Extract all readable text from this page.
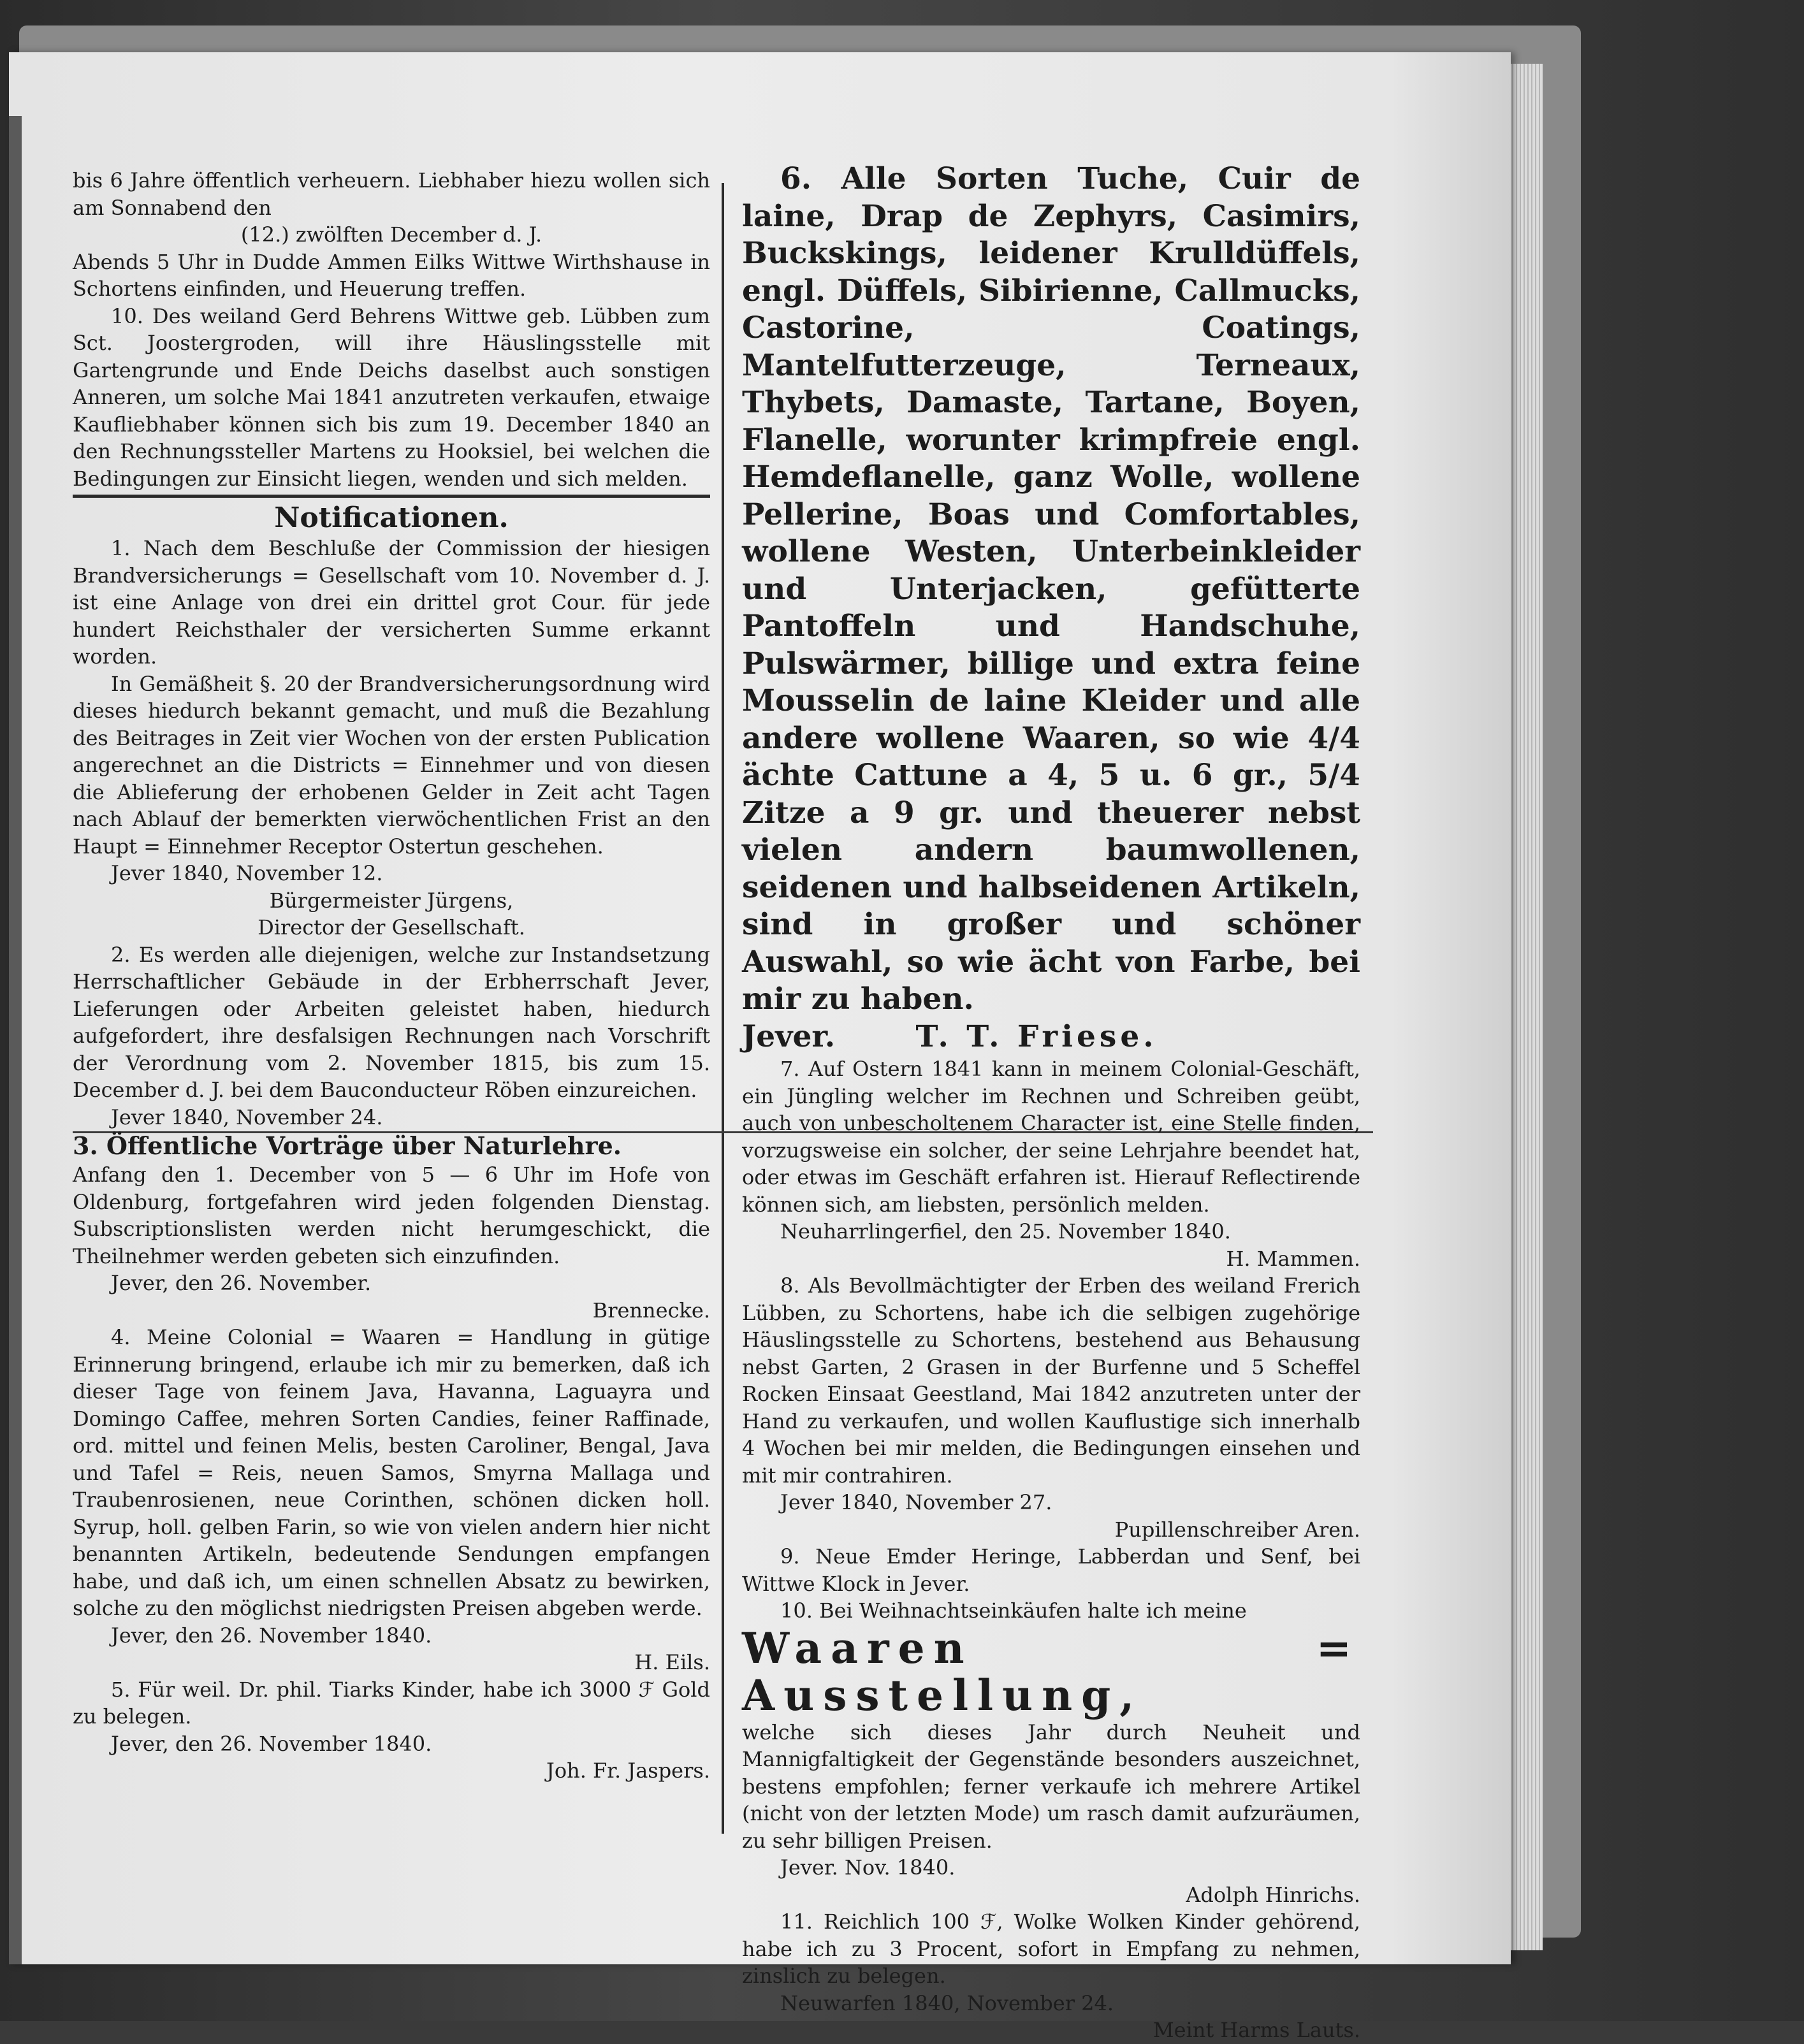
bis 6 Jahre öffentlich verheuern. Liebhaber hiezu wollen sich am Sonnabend den

(12.) zwölften December d. J.

Abends 5 Uhr in Dudde Ammen Eilks Wittwe Wirthshause in Schortens einfinden, und Heuerung treffen.

10. Des weiland Gerd Behrens Wittwe geb. Lübben zum Sct. Joostergroden, will ihre Häuslingsstelle mit Gartengrunde und Ende Deichs daselbst auch sonstigen Anneren, um solche Mai 1841 anzutreten verkaufen, etwaige Kaufliebhaber können sich bis zum 19. December 1840 an den Rechnungssteller Martens zu Hooksiel, bei welchen die Bedingungen zur Einsicht liegen, wenden und sich melden.

Notificationen.

1. Nach dem Beschluße der Commission der hiesigen Brandversicherungs = Gesellschaft vom 10. November d. J. ist eine Anlage von drei ein drittel grot Cour. für jede hundert Reichsthaler der versicherten Summe erkannt worden.

In Gemäßheit §. 20 der Brandversicherungsordnung wird dieses hiedurch bekannt gemacht, und muß die Bezahlung des Beitrages in Zeit vier Wochen von der ersten Publication angerechnet an die Districts = Einnehmer und von diesen die Ablieferung der erhobenen Gelder in Zeit acht Tagen nach Ablauf der bemerkten vierwöchentlichen Frist an den Haupt = Einnehmer Receptor Ostertun geschehen.

Jever 1840, November 12.

Bürgermeister Jürgens,

Director der Gesellschaft.

2. Es werden alle diejenigen, welche zur Instandsetzung Herrschaftlicher Gebäude in der Erbherrschaft Jever, Lieferungen oder Arbeiten geleistet haben, hiedurch aufgefordert, ihre desfalsigen Rechnungen nach Vorschrift der Verordnung vom 2. November 1815, bis zum 15. December d. J. bei dem Bauconducteur Röben einzureichen.

Jever 1840, November 24.

3. Öffentliche Vorträge über Naturlehre.

Anfang den 1. December von 5 — 6 Uhr im Hofe von Oldenburg, fortgefahren wird jeden folgenden Dienstag. Subscriptionslisten werden nicht herumgeschickt, die Theilnehmer werden gebeten sich einzufinden.

Jever, den 26. November.

Brennecke.

4. Meine Colonial = Waaren = Handlung in gütige Erinnerung bringend, erlaube ich mir zu bemerken, daß ich dieser Tage von feinem Java, Havanna, Laguayra und Domingo Caffee, mehren Sorten Candies, feiner Raffinade, ord. mittel und feinen Melis, besten Caroliner, Bengal, Java und Tafel = Reis, neuen Samos, Smyrna Mallaga und Traubenrosienen, neue Corinthen, schönen dicken holl. Syrup, holl. gelben Farin, so wie von vielen andern hier nicht benannten Artikeln, bedeutende Sendungen empfangen habe, und daß ich, um einen schnellen Absatz zu bewirken, solche zu den möglichst niedrigsten Preisen abgeben werde.

Jever, den 26. November 1840.

H. Eils.

5. Für weil. Dr. phil. Tiarks Kinder, habe ich 3000 ℱ Gold zu belegen.

Jever, den 26. November 1840.

Joh. Fr. Jaspers.

6. Alle Sorten Tuche, Cuir de laine, Drap de Zephyrs, Casimirs, Buckskings, leidener Krulldüffels, engl. Düffels, Sibirienne, Callmucks, Castorine, Coatings, Mantelfutterzeuge, Terneaux, Thybets, Damaste, Tartane, Boyen, Flanelle, worunter krimpfreie engl. Hemdeflanelle, ganz Wolle, wollene Pellerine, Boas und Comfortables, wollene Westen, Unterbeinkleider und Unterjacken, gefütterte Pantoffeln und Handschuhe, Pulswärmer, billige und extra feine Mousselin de laine Kleider und alle andere wollene Waaren, so wie 4/4 ächte Cattune a 4, 5 u. 6 gr., 5/4 Zitze a 9 gr. und theuerer nebst vielen andern baumwollenen, seidenen und halbseidenen Artikeln, sind in großer und schöner Auswahl, so wie ächt von Farbe, bei mir zu haben.

Jever.	T. T. Friese.

7. Auf Ostern 1841 kann in meinem Colonial-Geschäft, ein Jüngling welcher im Rechnen und Schreiben geübt, auch von unbescholtenem Character ist, eine Stelle finden, vorzugsweise ein solcher, der seine Lehrjahre beendet hat, oder etwas im Geschäft erfahren ist. Hierauf Reflectirende können sich, am liebsten, persönlich melden.

Neuharrlingerfiel, den 25. November 1840.

H. Mammen.

8. Als Bevollmächtigter der Erben des weiland Frerich Lübben, zu Schortens, habe ich die selbigen zugehörige Häuslingsstelle zu Schortens, bestehend aus Behausung nebst Garten, 2 Grasen in der Burfenne und 5 Scheffel Rocken Einsaat Geestland, Mai 1842 anzutreten unter der Hand zu verkaufen, und wollen Kauflustige sich innerhalb 4 Wochen bei mir melden, die Bedingungen einsehen und mit mir contrahiren.

Jever 1840, November 27.

Pupillenschreiber Aren.

9. Neue Emder Heringe, Labberdan und Senf, bei Wittwe Klock in Jever.

10. Bei Weihnachtseinkäufen halte ich meine

Waaren = Ausstellung,

welche sich dieses Jahr durch Neuheit und Mannigfaltigkeit der Gegenstände besonders auszeichnet, bestens empfohlen; ferner verkaufe ich mehrere Artikel (nicht von der letzten Mode) um rasch damit aufzuräumen, zu sehr billigen Preisen.

Jever. Nov. 1840.

Adolph Hinrichs.

11. Reichlich 100 ℱ, Wolke Wolken Kinder gehörend, habe ich zu 3 Procent, sofort in Empfang zu nehmen, zinslich zu belegen.

Neuwarfen 1840, November 24.

Meint Harms Lauts.
